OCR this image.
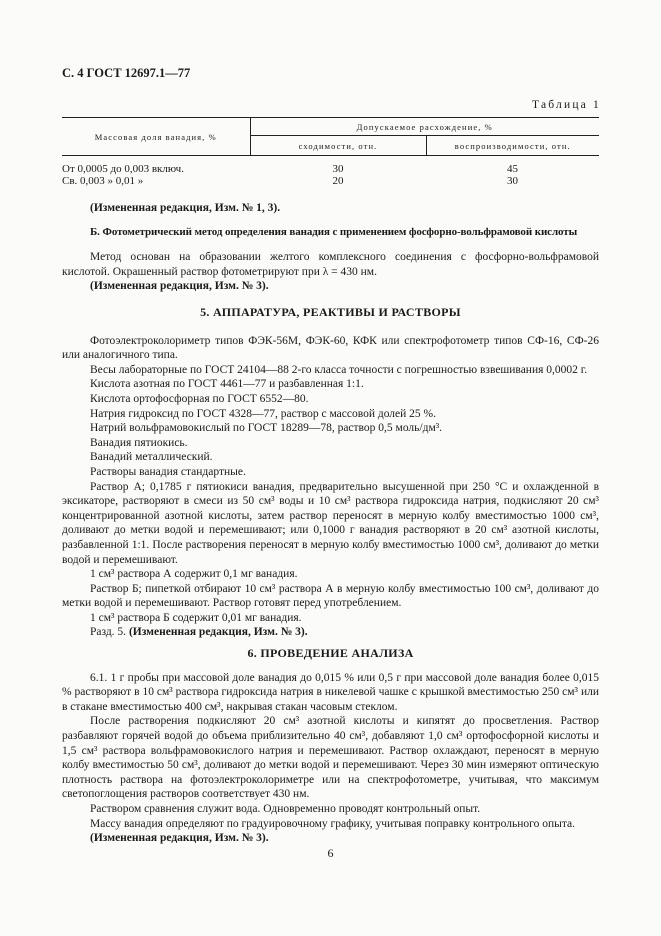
С. 4 ГОСТ 12697.1—77
Таблица 1
Массовая доля ванадия, %	Допускаемое расхождение, %	
	сходимости, отн.	воспроизводимости, отн.
От 0,0005 до 0,003 включ.	30	45
Св. 0,003 » 0,01 »	20	30

(Измененная редакция, Изм. № 1, 3).

Б. Фотометрический метод определения ванадия с применением фосфорно-вольфрамовой кислоты

Метод основан на образовании желтого комплексного соединения с фосфорно-вольфрамовой кислотой. Окрашенный раствор фотометрируют при λ = 430 нм.

(Измененная редакция, Изм. № 3).

5. АППАРАТУРА, РЕАКТИВЫ И РАСТВОРЫ

Фотоэлектроколориметр типов ФЭК-56М, ФЭК-60, КФК или спектрофотометр типов СФ-16, СФ-26 или аналогичного типа.

Весы лабораторные по ГОСТ 24104—88 2-го класса точности с погрешностью взвешивания 0,0002 г.

Кислота азотная по ГОСТ 4461—77 и разбавленная 1:1.

Кислота ортофосфорная по ГОСТ 6552—80.

Натрия гидроксид по ГОСТ 4328—77, раствор с массовой долей 25 %.

Натрий вольфрамовокислый по ГОСТ 18289—78, раствор 0,5 моль/дм³.

Ванадия пятиокись.

Ванадий металлический.

Растворы ванадия стандартные.

Раствор А; 0,1785 г пятиокиси ванадия, предварительно высушенной при 250 °С и охлажденной в эксикаторе, растворяют в смеси из 50 см³ воды и 10 см³ раствора гидроксида натрия, подкисляют 20 см³ концентрированной азотной кислоты, затем раствор переносят в мерную колбу вместимостью 1000 см³, доливают до метки водой и перемешивают; или 0,1000 г ванадия растворяют в 20 см³ азотной кислоты, разбавленной 1:1. После растворения переносят в мерную колбу вместимостью 1000 см³, доливают до метки водой и перемешивают.

1 см³ раствора А содержит 0,1 мг ванадия.

Раствор Б; пипеткой отбирают 10 см³ раствора А в мерную колбу вместимостью 100 см³, доливают до метки водой и перемешивают. Раствор готовят перед употреблением.

1 см³ раствора Б содержит 0,01 мг ванадия.

Разд. 5. (Измененная редакция, Изм. № 3).

6. ПРОВЕДЕНИЕ АНАЛИЗА

6.1. 1 г пробы при массовой доле ванадия до 0,015 % или 0,5 г при массовой доле ванадия более 0,015 % растворяют в 10 см³ раствора гидроксида натрия в никелевой чашке с крышкой вместимостью 250 см³ или в стакане вместимостью 400 см³, накрывая стакан часовым стеклом.

После растворения подкисляют 20 см³ азотной кислоты и кипятят до просветления. Раствор разбавляют горячей водой до объема приблизительно 40 см³, добавляют 1,0 см³ ортофосфорной кислоты и 1,5 см³ раствора вольфрамовокислого натрия и перемешивают. Раствор охлаждают, переносят в мерную колбу вместимостью 50 см³, доливают до метки водой и перемешивают. Через 30 мин измеряют оптическую плотность раствора на фотоэлектроколориметре или на спектрофотометре, учитывая, что максимум светопоглощения растворов соответствует 430 нм.

Раствором сравнения служит вода. Одновременно проводят контрольный опыт.

Массу ванадия определяют по градуировочному графику, учитывая поправку контрольного опыта.

(Измененная редакция, Изм. № 3).

6
